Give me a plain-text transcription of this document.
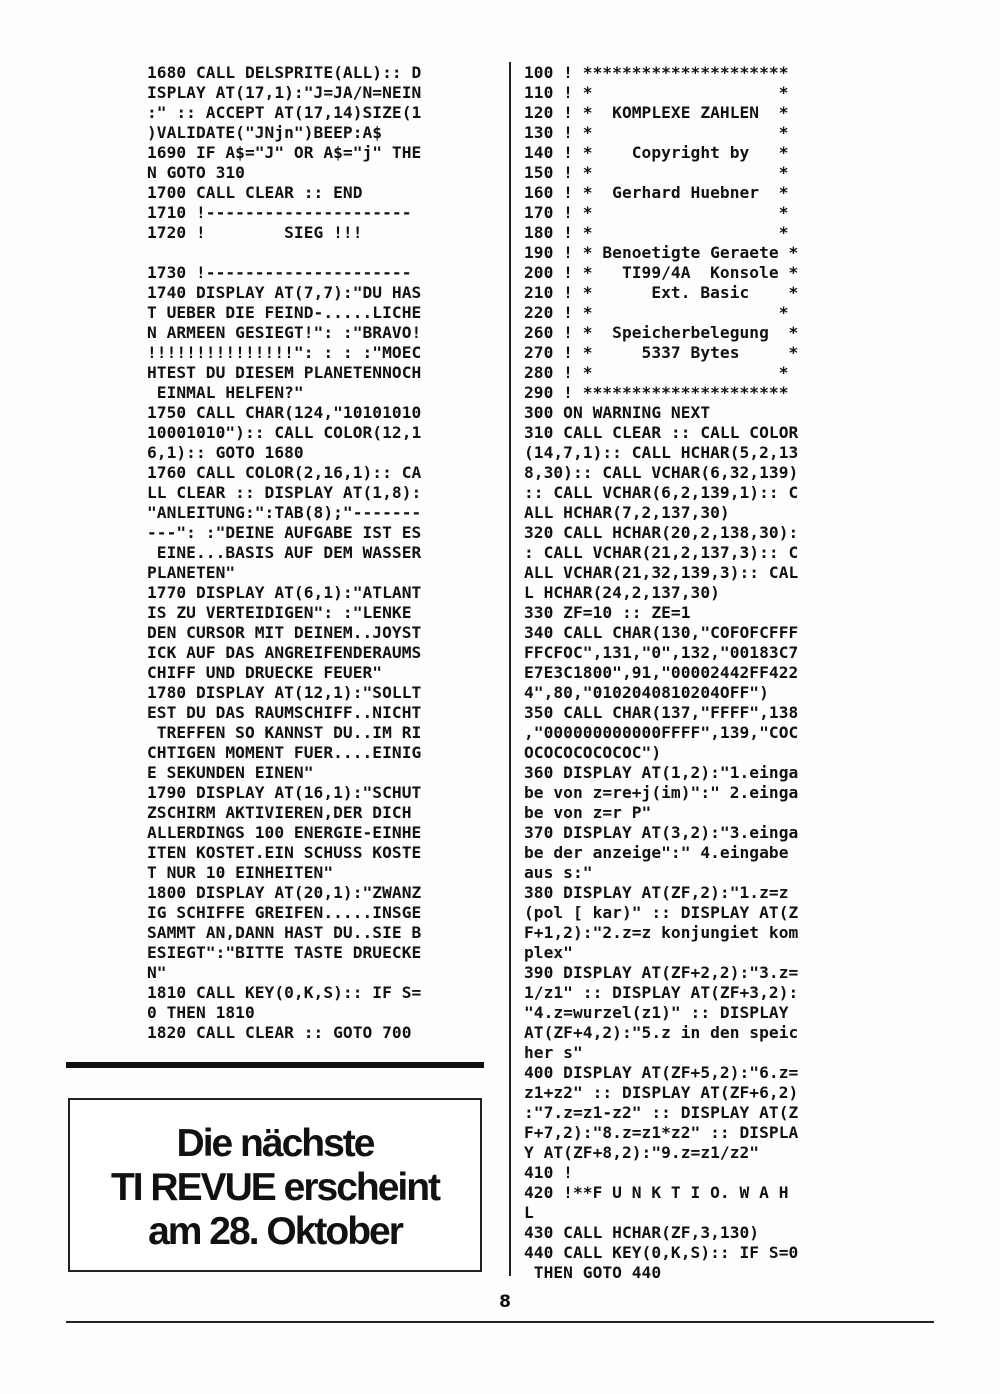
1680 CALL DELSPRITE(ALL):: D
ISPLAY AT(17,1):"J=JA/N=NEIN
:" :: ACCEPT AT(17,14)SIZE(1
)VALIDATE("JNjn")BEEP:A$
1690 IF A$="J" OR A$="j" THE
N GOTO 310
1700 CALL CLEAR :: END
1710 !---------------------
1720 !        SIEG !!!
1730 !---------------------
1740 DISPLAY AT(7,7):"DU HAS
T UEBER DIE FEIND-.....LICHE
N ARMEEN GESIEGT!": :"BRAVO!
!!!!!!!!!!!!!!!": : : :"MOEC
HTEST DU DIESEM PLANETENNOCH
EINMAL HELFEN?"
1750 CALL CHAR(124,"10101010
10001010"):: CALL COLOR(12,1
6,1):: GOTO 1680
1760 CALL COLOR(2,16,1):: CA
LL CLEAR :: DISPLAY AT(1,8):
"ANLEITUNG:":TAB(8);"-------
---": :"DEINE AUFGABE IST ES
EINE...BASIS AUF DEM WASSER
PLANETEN"
1770 DISPLAY AT(6,1):"ATLANT
IS ZU VERTEIDIGEN": :"LENKE
DEN CURSOR MIT DEINEM..JOYST
ICK AUF DAS ANGREIFENDERAUMS
CHIFF UND DRUECKE FEUER"
1780 DISPLAY AT(12,1):"SOLLT
EST DU DAS RAUMSCHIFF..NICHT
TREFFEN SO KANNST DU..IM RI
CHTIGEN MOMENT FUER....EINIG
E SEKUNDEN EINEN"
1790 DISPLAY AT(16,1):"SCHUT
ZSCHIRM AKTIVIEREN,DER DICH
ALLERDINGS 100 ENERGIE-EINHE
ITEN KOSTET.EIN SCHUSS KOSTE
T NUR 10 EINHEITEN"
1800 DISPLAY AT(20,1):"ZWANZ
IG SCHIFFE GREIFEN.....INSGE
SAMMT AN,DANN HAST DU..SIE B
ESIEGT":"BITTE TASTE DRUECKE
N"
1810 CALL KEY(0,K,S):: IF S=
0 THEN 1810
1820 CALL CLEAR :: GOTO 700
100 ! *********************
110 ! *                   *
120 ! *  KOMPLEXE ZAHLEN  *
130 ! *                   *
140 ! *    Copyright by   *
150 ! *                   *
160 ! *  Gerhard Huebner  *
170 ! *                   *
180 ! *                   *
190 ! * Benoetigte Geraete *
200 ! *   TI99/4A  Konsole *
210 ! *      Ext. Basic    *
220 ! *                   *
260 ! *  Speicherbelegung  *
270 ! *     5337 Bytes     *
280 ! *                   *
290 ! *********************
300 ON WARNING NEXT
310 CALL CLEAR :: CALL COLOR
(14,7,1):: CALL HCHAR(5,2,13
8,30):: CALL VCHAR(6,32,139)
:: CALL VCHAR(6,2,139,1):: C
ALL HCHAR(7,2,137,30)
320 CALL HCHAR(20,2,138,30):
: CALL VCHAR(21,2,137,3):: C
ALL VCHAR(21,32,139,3):: CAL
L HCHAR(24,2,137,30)
330 ZF=10 :: ZE=1
340 CALL CHAR(130,"COFOFCFFF
FFCFOC",131,"0",132,"00183C7
E7E3C1800",91,"00002442FF422
4",80,"0102040810204OFF")
350 CALL CHAR(137,"FFFF",138
,"000000000000FFFF",139,"COC
OCOCOCOCOCOC")
360 DISPLAY AT(1,2):"1.einga
be von z=re+j(im)":" 2.einga
be von z=r P"
370 DISPLAY AT(3,2):"3.einga
be der anzeige":" 4.eingabe
aus s:"
380 DISPLAY AT(ZF,2):"1.z=z
(pol [ kar)" :: DISPLAY AT(Z
F+1,2):"2.z=z konjungiet kom
plex"
390 DISPLAY AT(ZF+2,2):"3.z=
1/z1" :: DISPLAY AT(ZF+3,2):
"4.z=wurzel(z1)" :: DISPLAY
AT(ZF+4,2):"5.z in den speic
her s"
400 DISPLAY AT(ZF+5,2):"6.z=
z1+z2" :: DISPLAY AT(ZF+6,2)
:"7.z=z1-z2" :: DISPLAY AT(Z
F+7,2):"8.z=z1*z2" :: DISPLA
Y AT(ZF+8,2):"9.z=z1/z2"
410 !
420 !**F U N K T I O. W A H
L
430 CALL HCHAR(ZF,3,130)
440 CALL KEY(0,K,S):: IF S=0
THEN GOTO 440
Die nächste
TI REVUE erscheint
am 28. Oktober
8
